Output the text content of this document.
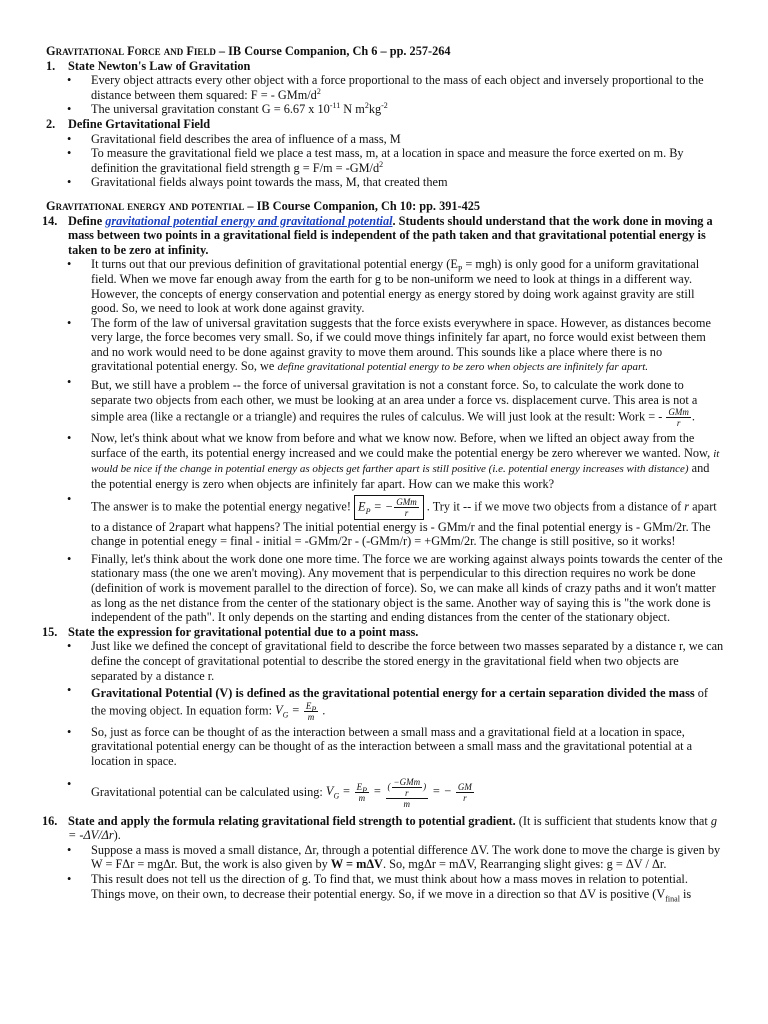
Gravitational Force and Field – IB Course Companion, Ch 6 – pp. 257-264

1. State Newton's Law of Gravitation
• Every object attracts every other object with a force proportional to the mass of each object and inversely proportional to the distance between them squared: F = - GMm/$d^2$
• The universal gravitation constant G = 6.67 x $10^{-11}$ N $m^2kg^{-2}$
2. Define Grtavitational Field
• Gravitational field describes the area of influence of a mass, M
• To measure the gravitational field we place a test mass, m, at a location in space and measure the force exerted on m. By definition the gravitational field strength $g = F/m = -GM/d^2$
• Gravitational fields always point towards the mass, M, that created them

Gravitational energy and potential – IB Course Companion, Ch 10: pp. 391-425

14. Define gravitational potential energy and gravitational potential. Students should understand that the work done in moving a mass between two points in a gravitational field is independent of the path taken and that gravitational potential energy is taken to be zero at infinity.
• It turns out that our previous definition of gravitational potential energy $(E_P = mgh)$ is only good for a uniform gravitational field. When we move far enough away from the earth for g to be non-uniform we need to look at things in a different way. However, the concepts of energy conservation and potential energy as energy stored by doing work against gravity are still good. So, we need to look at work done against gravity.
• The form of the law of universal gravitation suggests that the force exists everywhere in space. However, as distances become very large, the force becomes very small. So, if we could move things infinitely far apart, no force would exist between them and no work would need to be done against gravity to move them around. This sounds like a place where there is no gravitational potential energy. So, we define gravitational potential energy to be zero when objects are infinitely far apart.
• But, we still have a problem -- the force of universal gravitation is not a constant force. So, to calculate the work done to separate two objects from each other, we must be looking at an area under a force vs. displacement curve. This area is not a simple area (like a rectangle or a triangle) and requires the rules of calculus. We will just look at the result: Work = - $\frac{\text{GMm}}{r}$ .
• Now, let's think about what we know from before and what we know now. Before, when we lifted an object away from the surface of the earth, its potential energy increased and we could make the potential energy be zero wherever we wanted. Now, it would be nice if the change in potential energy as objects get farther apart is still positive (i.e. potential energy increases with distance) and the potential energy is zero when objects are infinitely far apart. How can we make this work?
•
The answer is to make the potential energy negative! $E_P$ = − $\frac{\text{GMm}}{r}$ . Try it -- if we move two objects from a distance of r apart to a distance of 2rapart what happens? The initial potential energy is - GMm/r and the final potential energy is - GMm/2r. The change in potential enegy = final - initial = -GMm/2r - (-GMm/r) = +GMm/2r. The change is still positive, so it works!
• Finally, let's think about the work done one more time. The force we are working against always points towards the center of the stationary mass (the one we aren't moving). Any movement that is perpendicular to this direction requires no work be done (definition of work is movement parallel to the direction of force). So, we can make all kinds of crazy paths and it won't matter as long as the net distance from the center of the stationary object is the same. Another way of saying this is "the work done is independent of the path". It only depends on the starting and ending distances from the center of the stationary object.
15. State the expression for gravitational potential due to a point mass.
• Just like we defined the concept of gravitational field to describe the force between two masses separated by a distance r, we can define the concept of gravitational potential to describe the stored energy in the gravitational field when two objects are separated by a distance r.
• Gravitational Potential (V) is defined as the gravitational potential energy for a certain separation divided the mass of the moving object. In equation form: $V_G = \frac{E_P}{m}$ .
• So, just as force can be thought of as the interaction between a small mass and a gravitational field at a location in space, gravitational potential energy can be thought of as the interaction between a small mass and the gravitational potential at a location in space.
•
Gravitational potential can be calculated using: $V_G = \frac{E_P}{m} = \frac{( \frac{\text{−GMm}}{r} )}{m}$ = − $\frac{GM}{r}$
16. State and apply the formula relating gravitational field strength to potential gradient. (It is sufficient that students know that g = -ΔV/Δr).
• Suppose a mass is moved a small distance, Δr, through a potential difference ΔV. The work done to move the charge is given by W = FΔr = mgΔr. But, the work is also given by W = mΔV. So, mgΔr = mΔV, Rearranging slight gives: g = ΔV / Δr.
• This result does not tell us the direction of g. To find that, we must think about how a mass moves in relation to potential. Things move, on their own, to decrease their potential energy. So, if we move in a direction so that ΔV is positive ($V_{final}$ is
